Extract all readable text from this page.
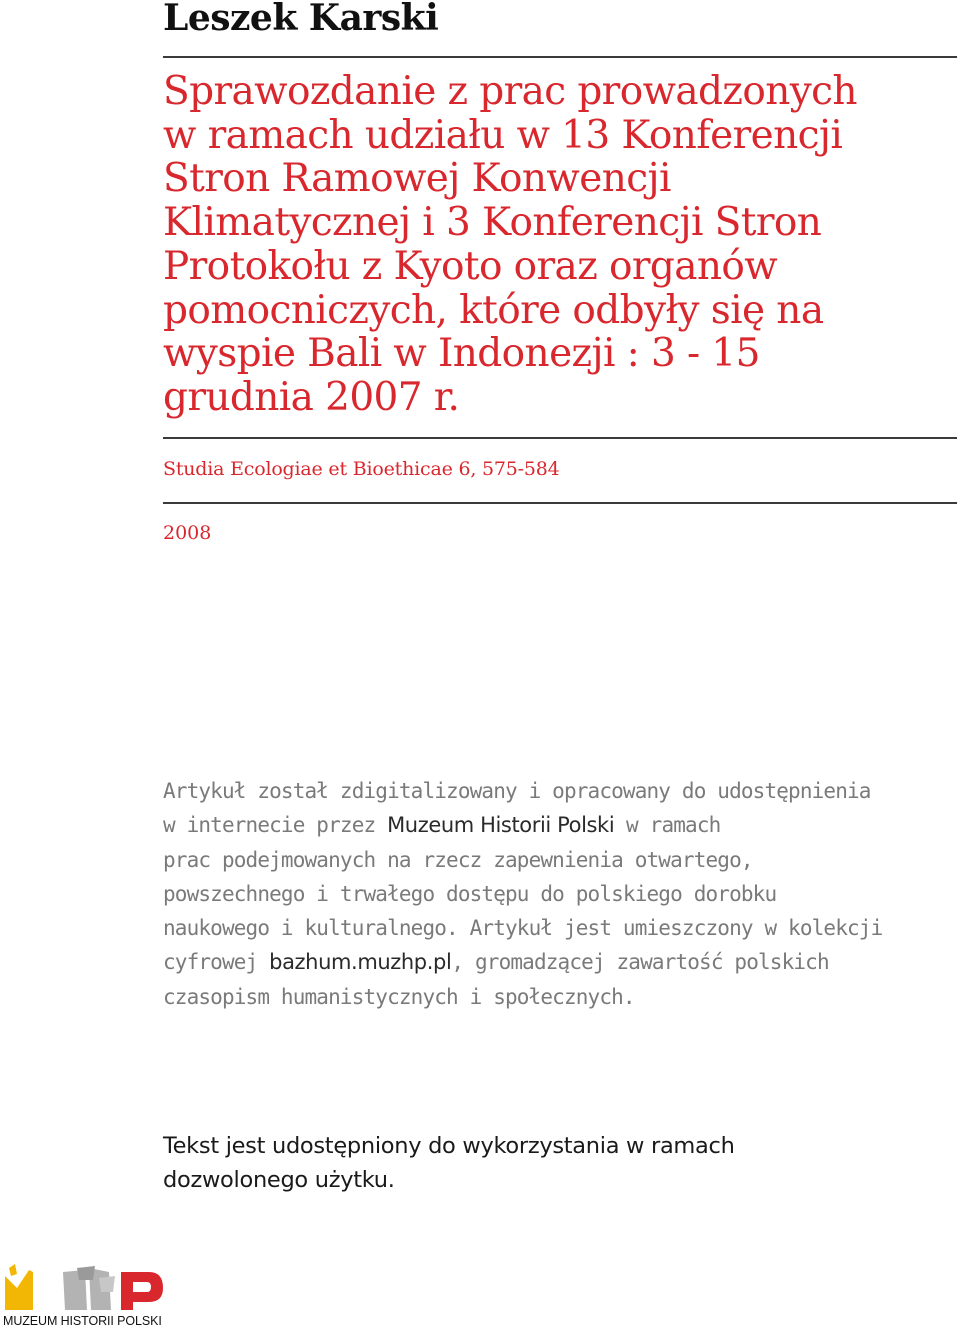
Leszek Karski
Sprawozdanie z prac prowadzonych
w ramach udziału w 13 Konferencji
Stron Ramowej Konwencji
Klimatycznej i 3 Konferencji Stron
Protokołu z Kyoto oraz organów
pomocniczych, które odbyły się na
wyspie Bali w Indonezji : 3 - 15
grudnia 2007 r.

Studia Ecologiae et Bioethicae 6, 575-584

2008

Artykuł został zdigitalizowany i opracowany do udostępnienia
w internecie przez Muzeum Historii Polski w ramach
prac podejmowanych na rzecz zapewnienia otwartego,
powszechnego i trwałego dostępu do polskiego dorobku
naukowego i kulturalnego. Artykuł jest umieszczony w kolekcji
cyfrowej bazhum.muzhp.pl, gromadzącej zawartość polskich
czasopism humanistycznych i społecznych.

Tekst jest udostępniony do wykorzystania w ramach
dozwolonego użytku.

MUZEUM HISTORII POLSKI
